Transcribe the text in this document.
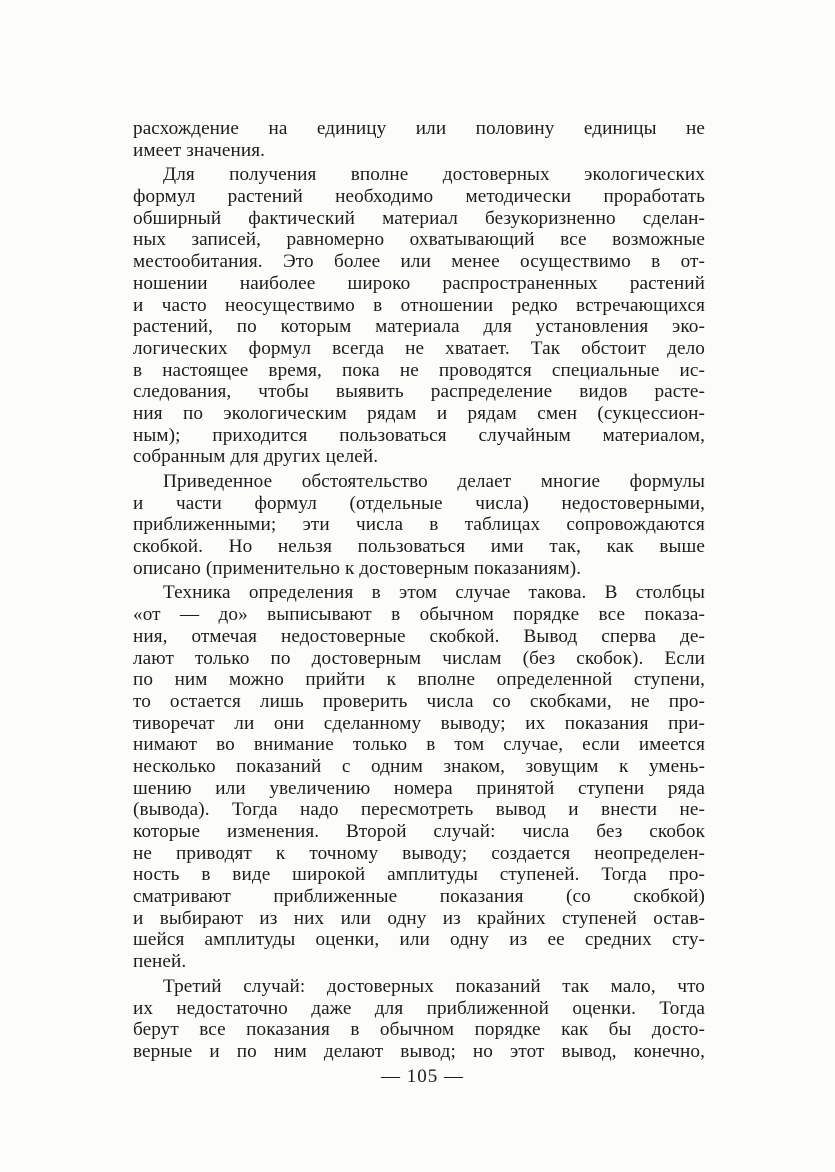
расхождение на единицу или половину единицы не
имеет значения.
Для получения вполне достоверных экологических
формул растений необходимо методически проработать
обширный фактический материал безукоризненно сделан-
ных записей, равномерно охватывающий все возможные
местообитания. Это более или менее осуществимо в от-
ношении наиболее широко распространенных растений
и часто неосуществимо в отношении редко встречающихся
растений, по которым материала для установления эко-
логических формул всегда не хватает. Так обстоит дело
в настоящее время, пока не проводятся специальные ис-
следования, чтобы выявить распределение видов расте-
ния по экологическим рядам и рядам смен (сукцессион-
ным); приходится пользоваться случайным материалом,
собранным для других целей.
Приведенное обстоятельство делает многие формулы
и части формул (отдельные числа) недостоверными,
приближенными; эти числа в таблицах сопровождаются
скобкой. Но нельзя пользоваться ими так, как выше
описано (применительно к достоверным показаниям).
Техника определения в этом случае такова. В столбцы
«от — до» выписывают в обычном порядке все показа-
ния, отмечая недостоверные скобкой. Вывод сперва де-
лают только по достоверным числам (без скобок). Если
по ним можно прийти к вполне определенной ступени,
то остается лишь проверить числа со скобками, не про-
тиворечат ли они сделанному выводу; их показания при-
нимают во внимание только в том случае, если имеется
несколько показаний с одним знаком, зовущим к умень-
шению или увеличению номера принятой ступени ряда
(вывода). Тогда надо пересмотреть вывод и внести не-
которые изменения. Второй случай: числа без скобок
не приводят к точному выводу; создается неопределен-
ность в виде широкой амплитуды ступеней. Тогда про-
сматривают приближенные показания (со скобкой)
и выбирают из них или одну из крайних ступеней остав-
шейся амплитуды оценки, или одну из ее средних сту-
пеней.
Третий случай: достоверных показаний так мало, что
их недостаточно даже для приближенной оценки. Тогда
берут все показания в обычном порядке как бы досто-
верные и по ним делают вывод; но этот вывод, конечно,
— 105 —
